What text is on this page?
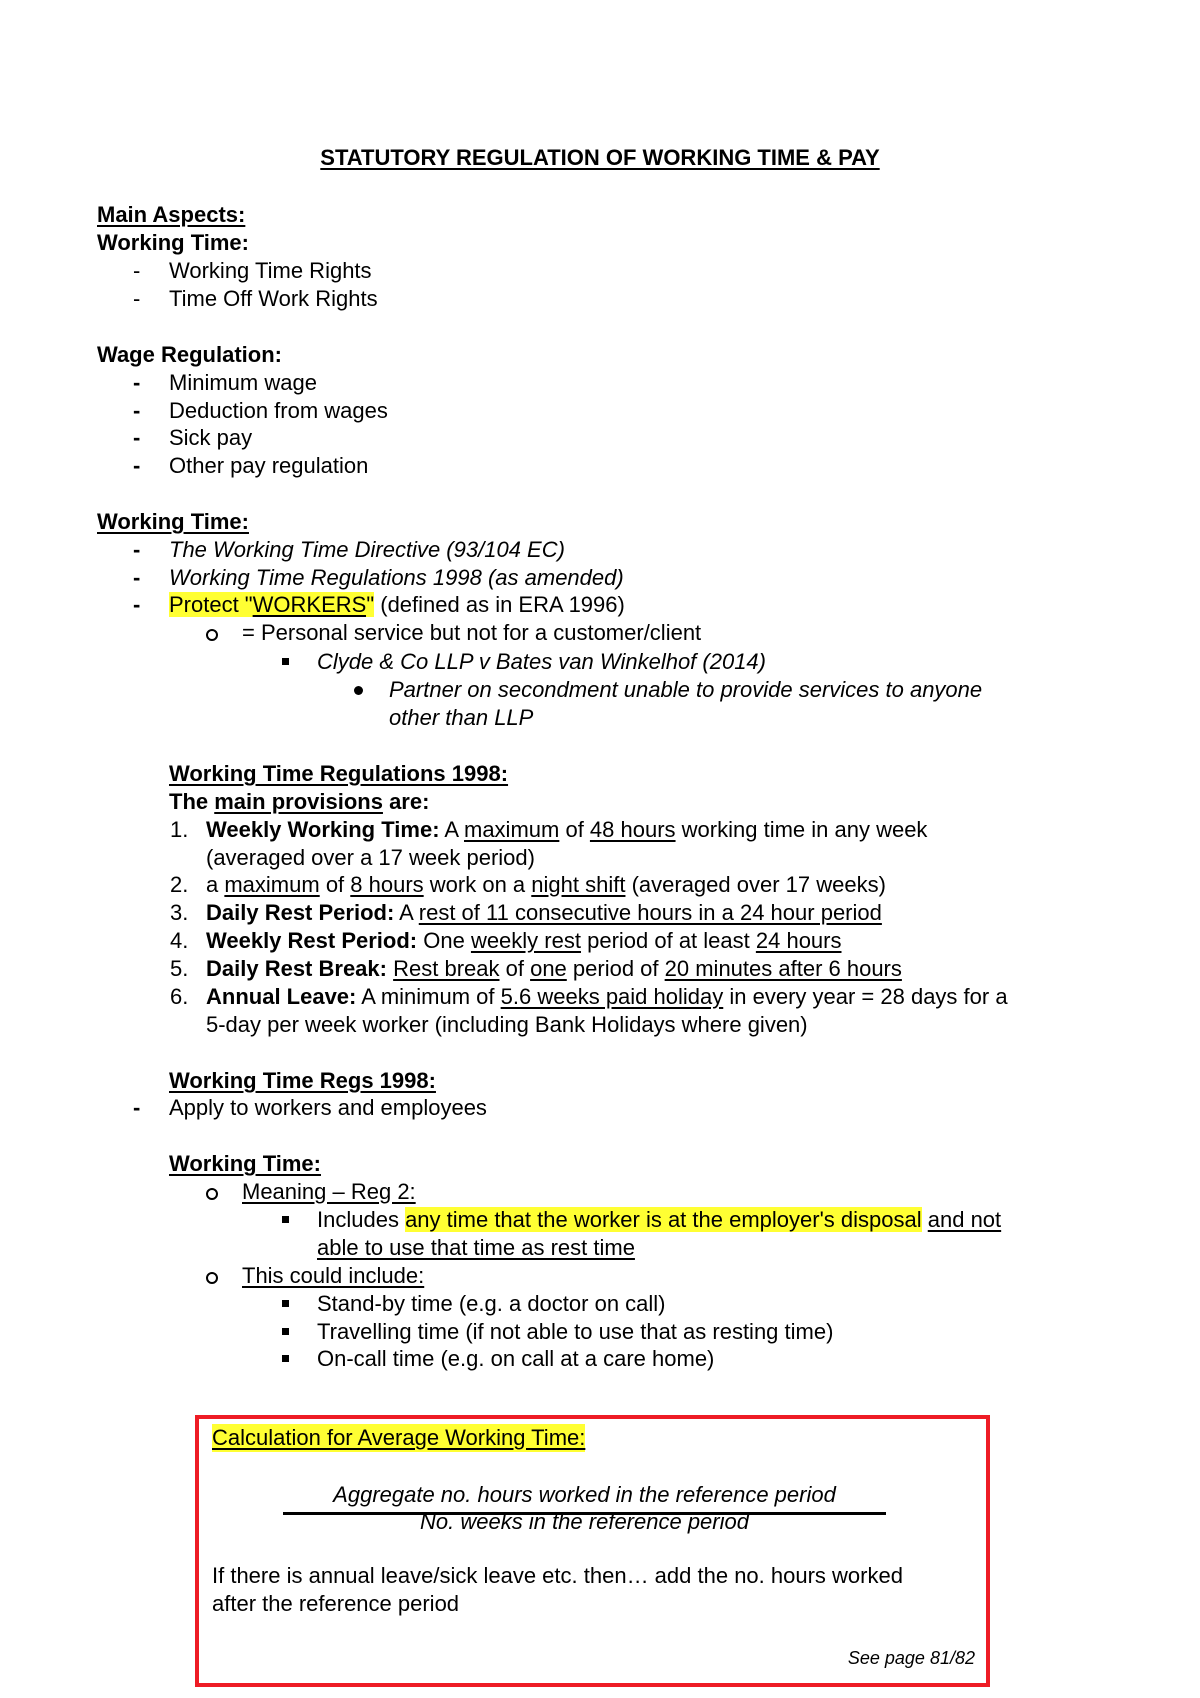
STATUTORY REGULATION OF WORKING TIME & PAY
Main Aspects:
Working Time:
- Working Time Rights
- Time Off Work Rights
Wage Regulation:
- Minimum wage
- Deduction from wages
- Sick pay
- Other pay regulation
Working Time:
- The Working Time Directive (93/104 EC)
- Working Time Regulations 1998 (as amended)
- Protect "WORKERS" (defined as in ERA 1996)
= Personal service but not for a customer/client
Clyde & Co LLP v Bates van Winkelhof (2014)
Partner on secondment unable to provide services to anyone
other than LLP
Working Time Regulations 1998:
The main provisions are:
1. Weekly Working Time: A maximum of 48 hours working time in any week
(averaged over a 17 week period)
2. a maximum of 8 hours work on a night shift (averaged over 17 weeks)
3. Daily Rest Period: A rest of 11 consecutive hours in a 24 hour period
4. Weekly Rest Period: One weekly rest period of at least 24 hours
5. Daily Rest Break: Rest break of one period of 20 minutes after 6 hours
6. Annual Leave: A minimum of 5.6 weeks paid holiday in every year = 28 days for a
5-day per week worker (including Bank Holidays where given)
Working Time Regs 1998:
- Apply to workers and employees
Working Time:
Meaning – Reg 2:
Includes any time that the worker is at the employer's disposal and not
able to use that time as rest time
This could include:
Stand-by time (e.g. a doctor on call)
Travelling time (if not able to use that as resting time)
On-call time (e.g. on call at a care home)
Calculation for Average Working Time:
Aggregate no. hours worked in the reference period
No. weeks in the reference period
If there is annual leave/sick leave etc. then… add the no. hours worked
after the reference period
See page 81/82
